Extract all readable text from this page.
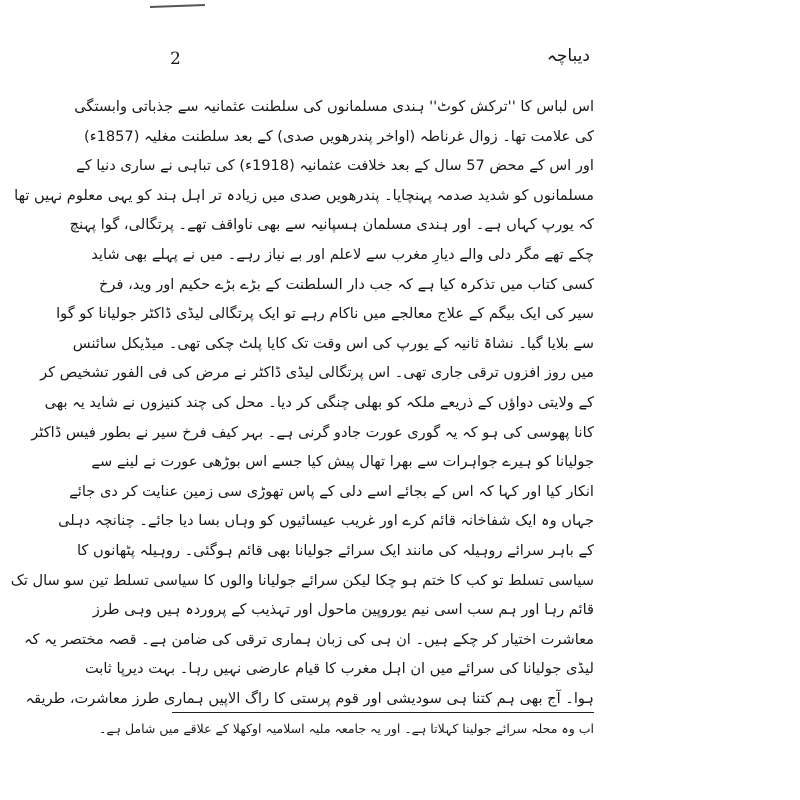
2	دیباچہ
اس لباس کا ''ترکش کوٹ'' ہندی مسلمانوں کی سلطنت عثمانیہ سے جذباتی وابستگی
کی علامت تھا۔ زوال غرناطہ (اواخر پندرھویں صدی) کے بعد سلطنت مغلیہ (1857ء)
اور اس کے محض 57 سال کے بعد خلافت عثمانیہ (1918ء) کی تباہی نے ساری دنیا کے
مسلمانوں کو شدید صدمہ پہنچایا۔ پندرھویں صدی میں زیادہ تر اہل ہند کو یہی معلوم نہیں تھا
کہ یورپ کہاں ہے۔ اور ہندی مسلمان ہسپانیہ سے بھی ناواقف تھے۔ پرتگالی، گوا پہنچ
چکے تھے مگر دلی والے دیارِ مغرب سے لاعلم اور بے نیاز رہے۔ میں نے پہلے بھی شاید
کسی کتاب میں تذکرہ کیا ہے کہ جب دار السلطنت کے بڑے بڑے حکیم اور وید، فرخ
سیر کی ایک بیگم کے علاج معالجے میں ناکام رہے تو ایک پرتگالی لیڈی ڈاکٹر جولیانا کو گوا
سے بلایا گیا۔ نشاۃ ثانیہ کے یورپ کی اس وقت تک کایا پلٹ چکی تھی۔ میڈیکل سائنس
میں روز افزوں ترقی جاری تھی۔ اس پرتگالی لیڈی ڈاکٹر نے مرض کی فی الفور تشخیص کر
کے ولایتی دواؤں کے ذریعے ملکہ کو بھلی چنگی کر دیا۔ محل کی چند کنیزوں نے شاید یہ بھی
کانا پھوسی کی ہو کہ یہ گوری عورت جادو گرنی ہے۔ بہر کیف فرخ سیر نے بطور فیس ڈاکٹر
جولیانا کو ہیرے جواہرات سے بھرا تھال پیش کیا جسے اس بوڑھی عورت نے لینے سے
انکار کیا اور کہا کہ اس کے بجائے اسے دلی کے پاس تھوڑی سی زمین عنایت کر دی جائے
جہاں وہ ایک شفاخانہ قائم کرے اور غریب عیسائیوں کو وہاں بسا دیا جائے۔ چنانچہ دہلی
کے باہر سرائے روہیلہ کی مانند ایک سرائے جولیانا بھی قائم ہوگئی۔ روہیلہ پٹھانوں کا
سیاسی تسلط تو کب کا ختم ہو چکا لیکن سرائے جولیانا والوں کا سیاسی تسلط تین سو سال تک
قائم رہا اور ہم سب اسی نیم یوروپین ماحول اور تہذیب کے پروردہ ہیں وہی طرز
معاشرت اختیار کر چکے ہیں۔ ان ہی کی زبان ہماری ترقی کی ضامن ہے۔ قصہ مختصر یہ کہ
لیڈی جولیانا کی سرائے میں ان اہل مغرب کا قیام عارضی نہیں رہا۔ بہت دیرپا ثابت
ہوا۔ آج بھی ہم کتنا ہی سودیشی اور قوم پرستی کا راگ الاپیں ہماری طرز معاشرت، طریقہ
اب وہ محلہ سرائے جولینا کہلاتا ہے۔ اور یہ جامعہ ملیہ اسلامیہ اوکھلا کے علاقے میں شامل ہے۔
